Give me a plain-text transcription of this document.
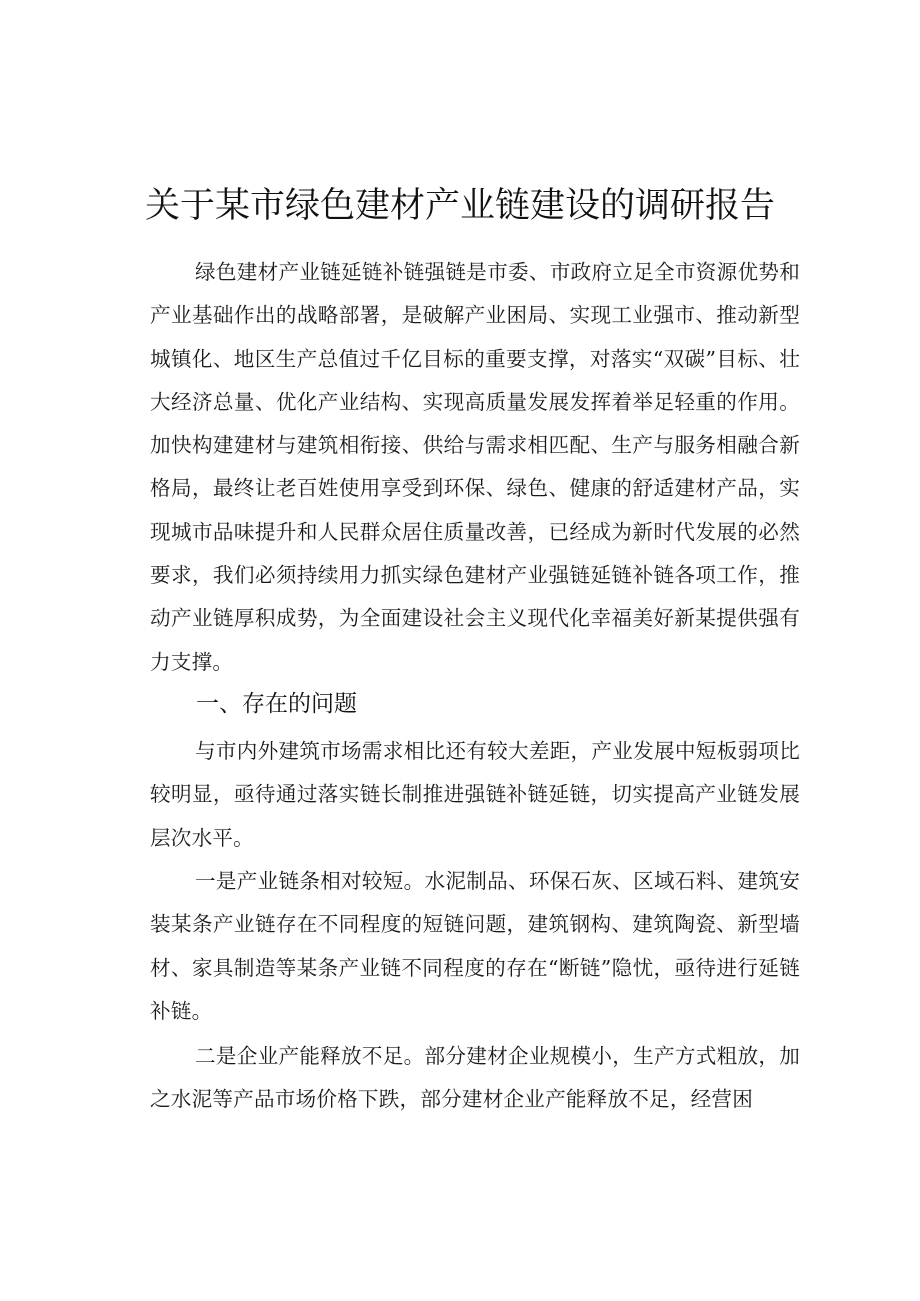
关于某市绿色建材产业链建设的调研报告

绿色建材产业链延链补链强链是市委、市政府立足全市资源优势和产业基础作出的战略部署，是破解产业困局、实现工业强市、推动新型城镇化、地区生产总值过千亿目标的重要支撑，对落实“双碳”目标、壮大经济总量、优化产业结构、实现高质量发展发挥着举足轻重的作用。加快构建建材与建筑相衔接、供给与需求相匹配、生产与服务相融合新格局，最终让老百姓使用享受到环保、绿色、健康的舒适建材产品，实现城市品味提升和人民群众居住质量改善，已经成为新时代发展的必然要求，我们必须持续用力抓实绿色建材产业强链延链补链各项工作，推动产业链厚积成势，为全面建设社会主义现代化幸福美好新某提供强有力支撑。

一、存在的问题

与市内外建筑市场需求相比还有较大差距，产业发展中短板弱项比较明显，亟待通过落实链长制推进强链补链延链，切实提高产业链发展层次水平。

一是产业链条相对较短。水泥制品、环保石灰、区域石料、建筑安装某条产业链存在不同程度的短链问题，建筑钢构、建筑陶瓷、新型墙材、家具制造等某条产业链不同程度的存在“断链”隐忧，亟待进行延链补链。

二是企业产能释放不足。部分建材企业规模小，生产方式粗放，加之水泥等产品市场价格下跌，部分建材企业产能释放不足，经营困
